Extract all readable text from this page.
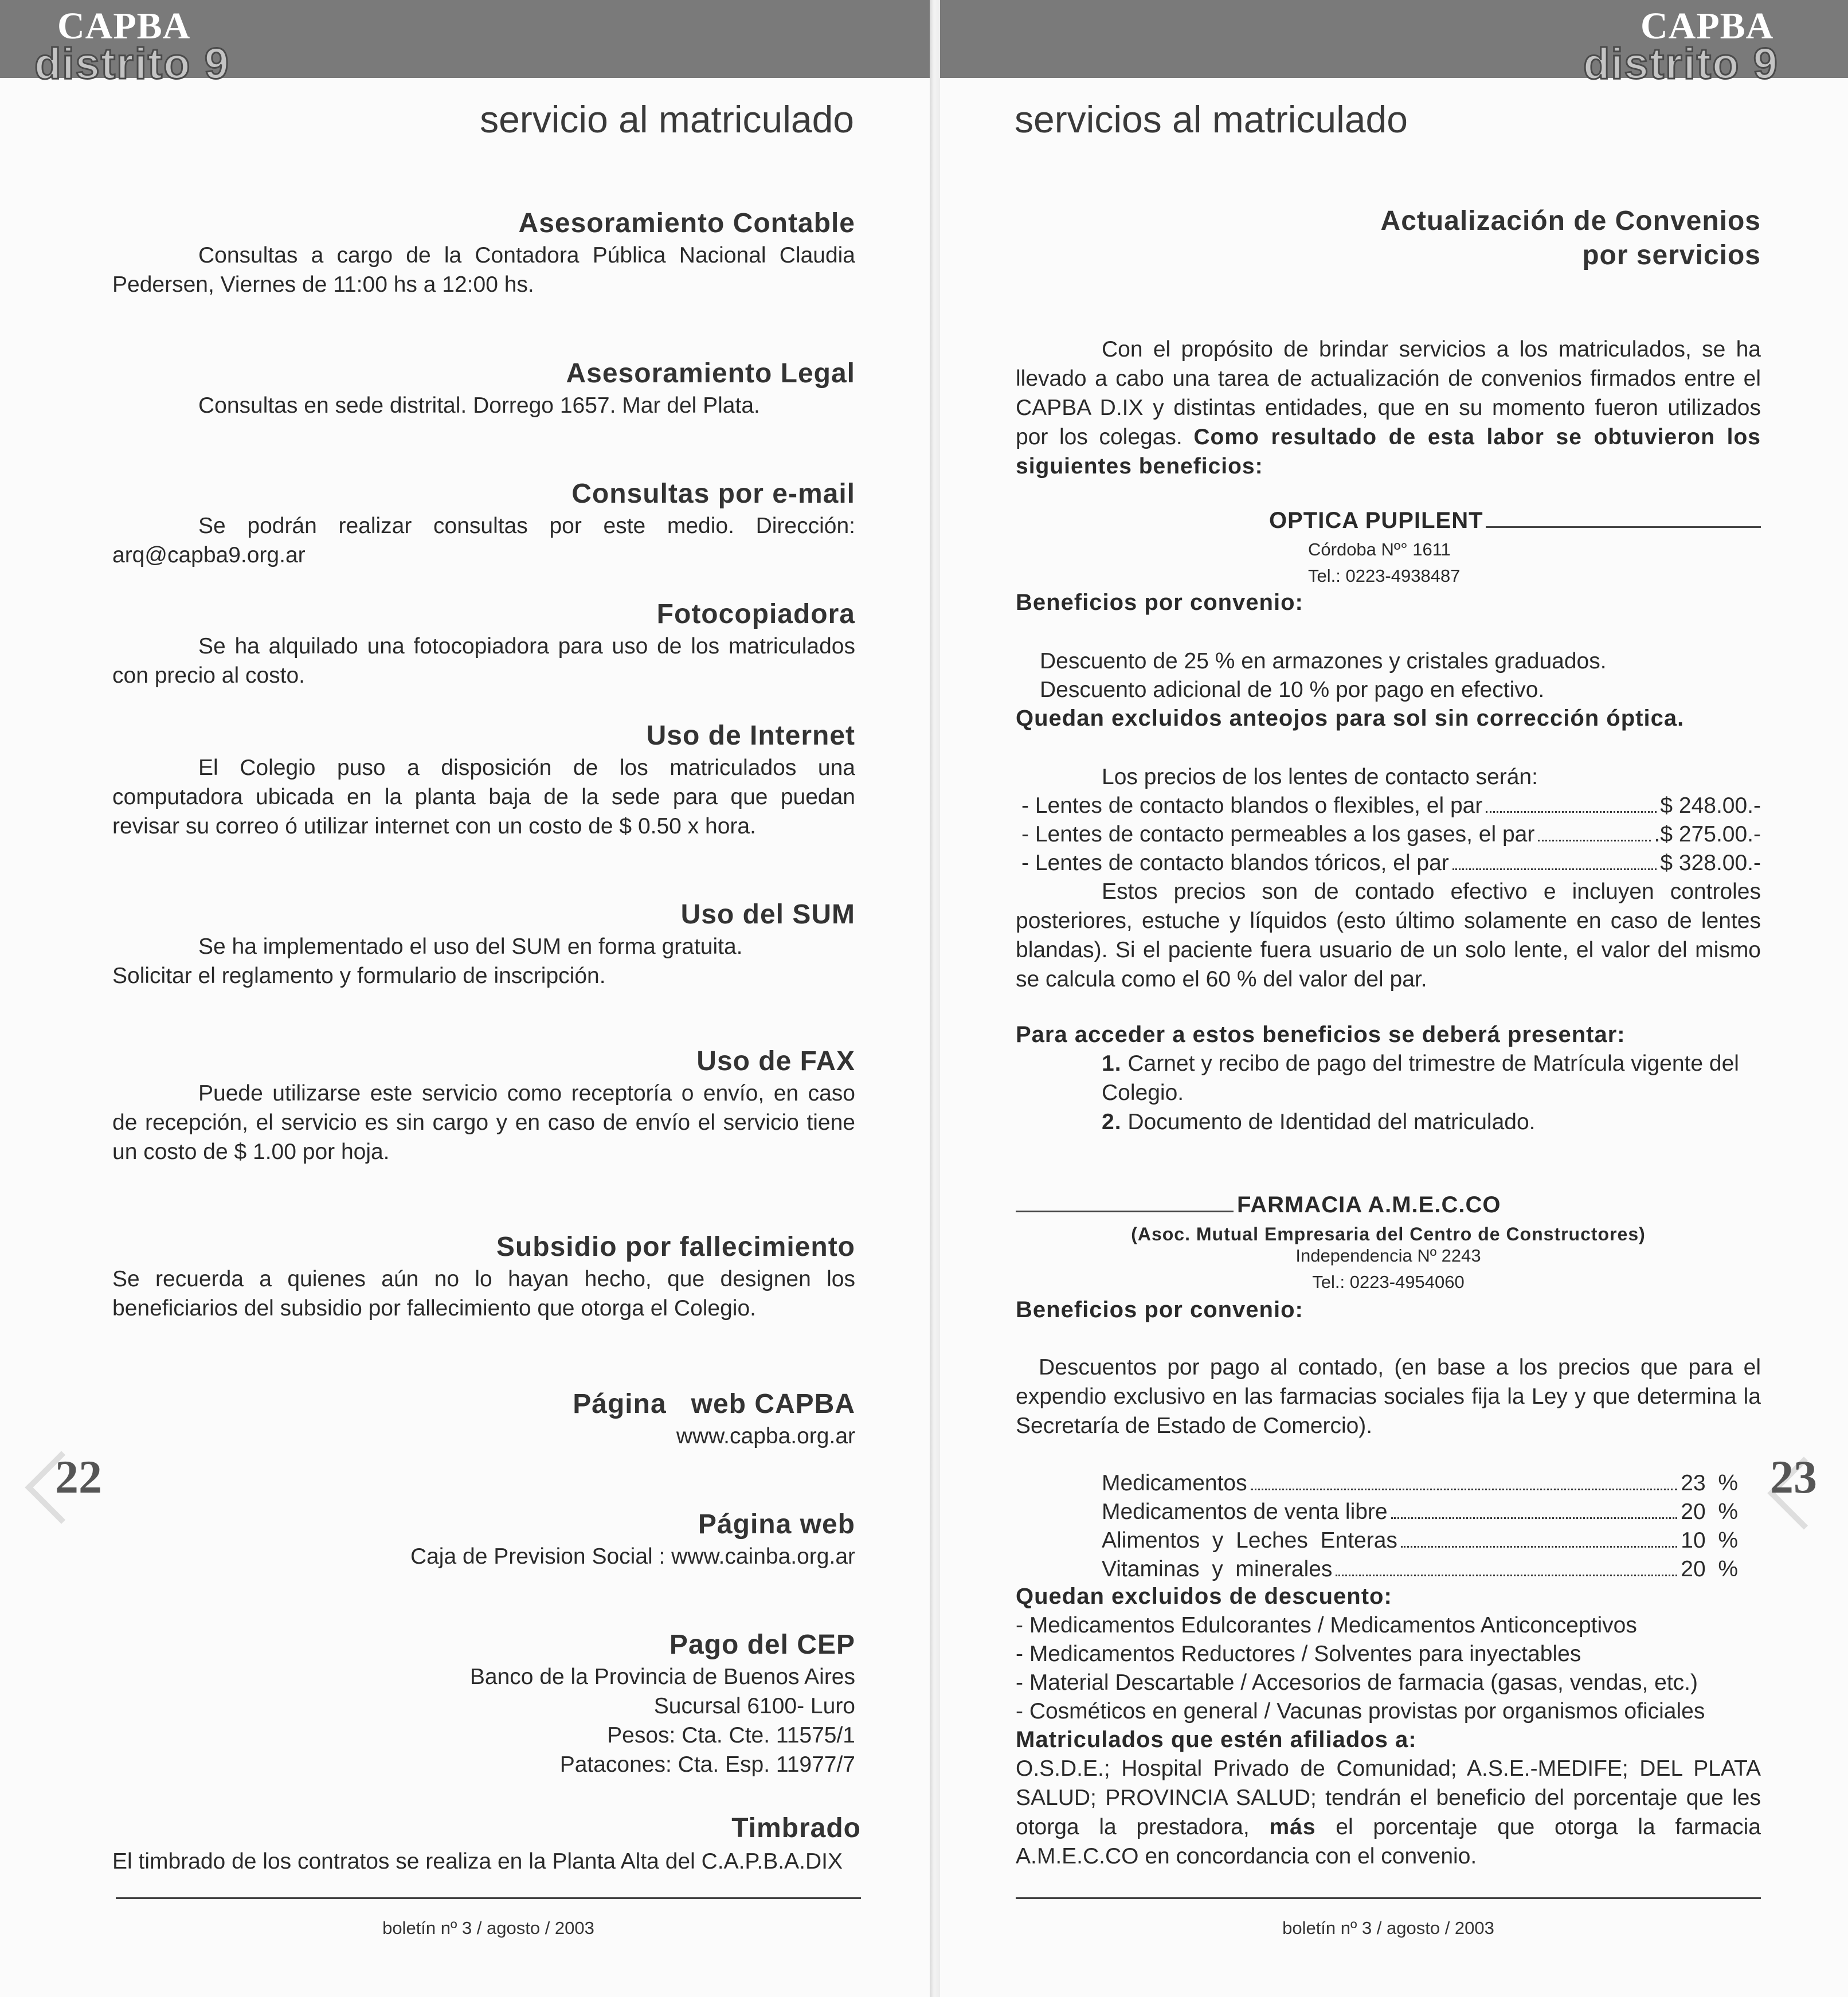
CAPBA
distrito 9
servicio al matriculado
Asesoramiento Contable
Consultas a cargo de la Contadora Pública Nacional Claudia Pedersen, Viernes de 11:00 hs a 12:00 hs.
Asesoramiento Legal
Consultas en sede distrital. Dorrego 1657. Mar del Plata.
Consultas por e-mail
Se podrán realizar consultas por este medio. Dirección: arq@capba9.org.ar
Fotocopiadora
Se ha alquilado una fotocopiadora para uso de los matriculados con precio al costo.
Uso de Internet
El Colegio puso a disposición de los matriculados una computadora ubicada en la planta baja de la sede para que puedan revisar su correo ó utilizar internet con un costo de $ 0.50 x hora.
Uso del SUM
Se ha implementado el uso del SUM en forma gratuita.
Solicitar el reglamento y formulario de inscripción.
Uso de FAX
Puede utilizarse este servicio como receptoría o envío, en caso de recepción, el servicio es sin cargo y en caso de envío el servicio tiene un costo de $ 1.00 por hoja.
Subsidio por fallecimiento
Se recuerda a quienes aún no lo hayan hecho, que designen los beneficiarios del subsidio por fallecimiento que otorga el Colegio.
Página   web CAPBA
www.capba.org.ar
Página web
Caja de Prevision Social : www.cainba.org.ar
Pago del CEP
Banco de la Provincia de Buenos Aires
Sucursal 6100- Luro
Pesos: Cta. Cte. 11575/1
Patacones: Cta. Esp. 11977/7
Timbrado
El timbrado de los contratos se realiza en la Planta Alta del C.A.P.B.A.DIX
boletín nº 3 / agosto / 2003
22
CAPBA
distrito 9
servicios al matriculado
Actualización de Convenios
por servicios
Con el propósito de brindar servicios a los matriculados, se ha llevado a cabo una tarea de actualización de convenios firmados entre el CAPBA D.IX y distintas entidades, que en su momento fueron utilizados por los colegas. Como resultado de esta labor se obtuvieron los siguientes beneficios:
OPTICA PUPILENT
Córdoba Nº° 1611
Tel.: 0223-4938487
Beneficios por convenio:
Descuento de 25 % en armazones y cristales graduados.
Descuento adicional de 10 % por pago en efectivo.
Quedan excluidos anteojos para sol sin corrección óptica.
Los precios de los lentes de contacto serán:
- Lentes de contacto blandos o flexibles, el par	$ 248.00.-
- Lentes de contacto permeables a los gases, el par	.$ 275.00.-
- Lentes de contacto blandos tóricos, el par	$ 328.00.-
Estos precios son de contado efectivo e incluyen controles posteriores, estuche y líquidos (esto último solamente en caso de lentes blandas). Si el paciente fuera usuario de un solo lente, el valor del mismo se calcula como el 60 % del valor del par.
Para acceder a estos beneficios se deberá presentar:
1. Carnet y recibo de pago del trimestre de Matrícula vigente del Colegio.
2. Documento de Identidad del matriculado.
FARMACIA A.M.E.C.CO
(Asoc. Mutual Empresaria del Centro de Constructores)
Independencia Nº 2243
Tel.: 0223-4954060
Beneficios por convenio:
Descuentos por pago al contado, (en base a los precios que para el expendio exclusivo en las farmacias sociales fija la Ley y que determina la Secretaría de Estado de Comercio).
Medicamentos	23  %
Medicamentos de venta libre	20  %
Alimentos  y  Leches  Enteras	10  %
Vitaminas  y  minerales	20  %
Quedan excluidos de descuento:
- Medicamentos Edulcorantes / Medicamentos Anticonceptivos
- Medicamentos Reductores / Solventes para inyectables
- Material Descartable / Accesorios de farmacia (gasas, vendas, etc.)
- Cosméticos en general / Vacunas provistas por organismos oficiales
Matriculados que estén afiliados a:
O.S.D.E.; Hospital Privado de Comunidad; A.S.E.-MEDIFE; DEL PLATA SALUD; PROVINCIA SALUD; tendrán el beneficio del porcentaje que les otorga la prestadora, más el porcentaje que otorga la farmacia A.M.E.C.CO en concordancia con el convenio.
boletín nº 3 / agosto / 2003
23
